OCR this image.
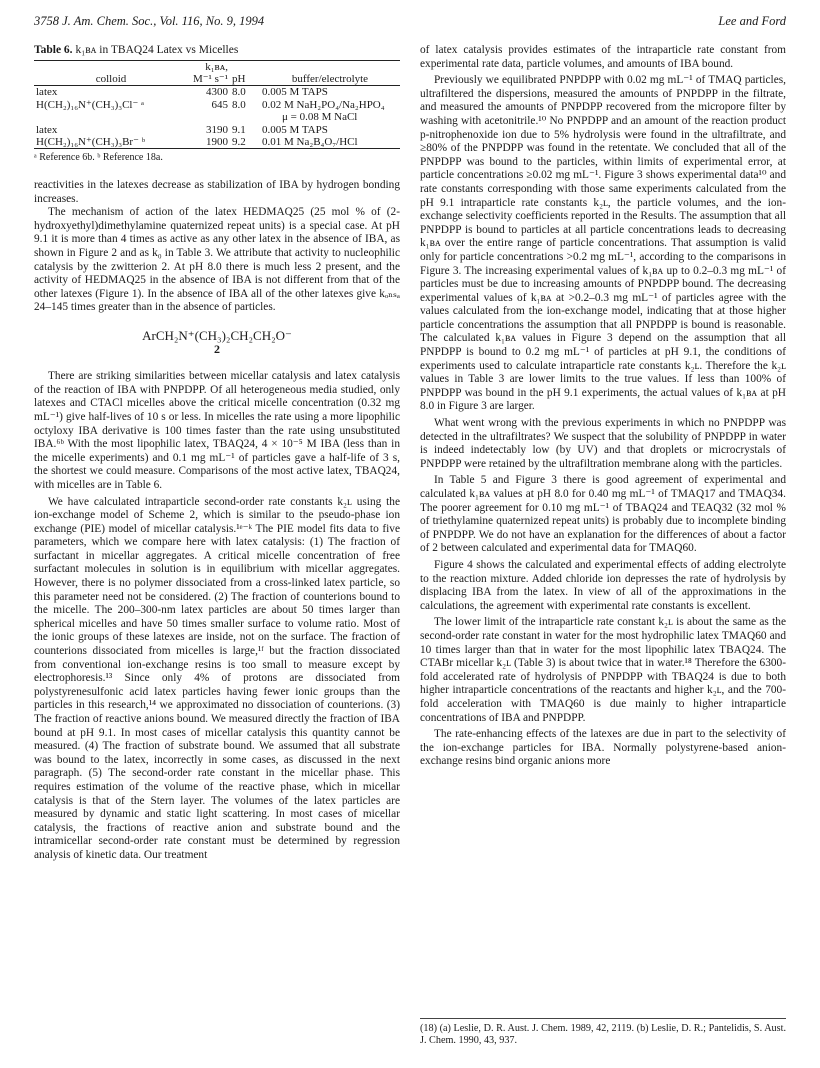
3758 J. Am. Chem. Soc., Vol. 116, No. 9, 1994	Lee and Ford

Table 6. k₁ʙᴀ in TBAQ24 Latex vs Micelles

	k₁ʙᴀ,		
colloid	M⁻¹ s⁻¹	pH	buffer/electrolyte
latex	4300	8.0	0.005 M TAPS
H(CH₂)₁₆N⁺(CH₃)₃Cl⁻ ᵃ	645	8.0	0.02 M NaH₂PO₄/Na₂HPO₄
			μ = 0.08 M NaCl
latex	3190	9.1	0.005 M TAPS
H(CH₂)₁₆N⁺(CH₃)₃Br⁻ ᵇ	1900	9.2	0.01 M Na₂B₄O₇/HCl

ᵃ Reference 6b. ᵇ Reference 18a.

reactivities in the latexes decrease as stabilization of IBA by hydrogen bonding increases.

The mechanism of action of the latex HEDMAQ25 (25 mol % of (2-hydroxyethyl)dimethylamine quaternized repeat units) is a special case. At pH 9.1 it is more than 4 times as active as any other latex in the absence of IBA, as shown in Figure 2 and as k₀ in Table 3. We attribute that activity to nucleophilic catalysis by the zwitterion 2. At pH 8.0 there is much less 2 present, and the activity of HEDMAQ25 in the absence of IBA is not different from that of the other latexes (Figure 1). In the absence of IBA all of the other latexes give kₒₙₛₐ 24–145 times greater than in the absence of particles.

ArCH₂N⁺(CH₃)₂CH₂CH₂O⁻

2

There are striking similarities between micellar catalysis and latex catalysis of the reaction of IBA with PNPDPP. Of all heterogeneous media studied, only latexes and CTACl micelles above the critical micelle concentration (0.32 mg mL⁻¹) give half-lives of 10 s or less. In micelles the rate using a more lipophilic octyloxy IBA derivative is 100 times faster than the rate using unsubstituted IBA.⁶ᵇ With the most lipophilic latex, TBAQ24, 4 × 10⁻⁵ M IBA (less than in the micelle experiments) and 0.1 mg mL⁻¹ of particles gave a half-life of 3 s, the shortest we could measure. Comparisons of the most active latex, TBAQ24, with micelles are in Table 6.

We have calculated intraparticle second-order rate constants k₂ʟ using the ion-exchange model of Scheme 2, which is similar to the pseudo-phase ion exchange (PIE) model of micellar catalysis.¹ᵉ⁻ᵏ The PIE model fits data to five parameters, which we compare here with latex catalysis: (1) The fraction of surfactant in micellar aggregates. A critical micelle concentration of free surfactant molecules in solution is in equilibrium with micellar aggregates. However, there is no polymer dissociated from a cross-linked latex particle, so this parameter need not be considered. (2) The fraction of counterions bound to the micelle. The 200–300-nm latex particles are about 50 times larger than spherical micelles and have 50 times smaller surface to volume ratio. Most of the ionic groups of these latexes are inside, not on the surface. The fraction of counterions dissociated from micelles is large,¹ᶠ but the fraction dissociated from conventional ion-exchange resins is too small to measure except by electrophoresis.¹³ Since only 4% of protons are dissociated from polystyrenesulfonic acid latex particles having fewer ionic groups than the particles in this research,¹⁴ we approximated no dissociation of counterions. (3) The fraction of reactive anions bound. We measured directly the fraction of IBA bound at pH 9.1. In most cases of micellar catalysis this quantity cannot be measured. (4) The fraction of substrate bound. We assumed that all substrate was bound to the latex, incorrectly in some cases, as discussed in the next paragraph. (5) The second-order rate constant in the micellar phase. This requires estimation of the volume of the reactive phase, which in micellar catalysis is that of the Stern layer. The volumes of the latex particles are measured by dynamic and static light scattering. In most cases of micellar catalysis, the fractions of reactive anion and substrate bound and the intramicellar second-order rate constant must be determined by regression analysis of kinetic data. Our treatment

of latex catalysis provides estimates of the intraparticle rate constant from experimental rate data, particle volumes, and amounts of IBA bound.

Previously we equilibrated PNPDPP with 0.02 mg mL⁻¹ of TMAQ particles, ultrafiltered the dispersions, measured the amounts of PNPDPP in the filtrate, and measured the amounts of PNPDPP recovered from the micropore filter by washing with acetonitrile.¹⁰ No PNPDPP and an amount of the reaction product p-nitrophenoxide ion due to 5% hydrolysis were found in the ultrafiltrate, and ≥80% of the PNPDPP was found in the retentate. We concluded that all of the PNPDPP was bound to the particles, within limits of experimental error, at particle concentrations ≥0.02 mg mL⁻¹. Figure 3 shows experimental data¹⁰ and rate constants corresponding with those same experiments calculated from the pH 9.1 intraparticle rate constants k₂ʟ, the particle volumes, and the ion-exchange selectivity coefficients reported in the Results. The assumption that all PNPDPP is bound to particles at all particle concentrations leads to decreasing k₁ʙᴀ over the entire range of particle concentrations. That assumption is valid only for particle concentrations >0.2 mg mL⁻¹, according to the comparisons in Figure 3. The increasing experimental values of k₁ʙᴀ up to 0.2–0.3 mg mL⁻¹ of particles must be due to increasing amounts of PNPDPP bound. The decreasing experimental values of k₁ʙᴀ at >0.2–0.3 mg mL⁻¹ of particles agree with the values calculated from the ion-exchange model, indicating that at those higher particle concentrations the assumption that all PNPDPP is bound is reasonable. The calculated k₁ʙᴀ values in Figure 3 depend on the assumption that all PNPDPP is bound to 0.2 mg mL⁻¹ of particles at pH 9.1, the conditions of experiments used to calculate intraparticle rate constants k₂ʟ. Therefore the k₂ʟ values in Table 3 are lower limits to the true values. If less than 100% of PNPDPP was bound in the pH 9.1 experiments, the actual values of k₁ʙᴀ at pH 8.0 in Figure 3 are larger.

What went wrong with the previous experiments in which no PNPDPP was detected in the ultrafiltrates? We suspect that the solubility of PNPDPP in water is indeed indetectably low (by UV) and that droplets or microcrystals of PNPDPP were retained by the ultrafiltration membrane along with the particles.

In Table 5 and Figure 3 there is good agreement of experimental and calculated k₁ʙᴀ values at pH 8.0 for 0.40 mg mL⁻¹ of TMAQ17 and TMAQ34. The poorer agreement for 0.10 mg mL⁻¹ of TBAQ24 and TEAQ32 (32 mol % of triethylamine quaternized repeat units) is probably due to incomplete binding of PNPDPP. We do not have an explanation for the differences of about a factor of 2 between calculated and experimental data for TMAQ60.

Figure 4 shows the calculated and experimental effects of adding electrolyte to the reaction mixture. Added chloride ion depresses the rate of hydrolysis by displacing IBA from the latex. In view of all of the approximations in the calculations, the agreement with experimental rate constants is excellent.

The lower limit of the intraparticle rate constant k₂ʟ is about the same as the second-order rate constant in water for the most hydrophilic latex TMAQ60 and 10 times larger than that in water for the most lipophilic latex TBAQ24. The CTABr micellar k₂ʟ (Table 3) is about twice that in water.¹⁸ Therefore the 6300-fold accelerated rate of hydrolysis of PNPDPP with TBAQ24 is due to both higher intraparticle concentrations of the reactants and higher k₂ʟ, and the 700-fold acceleration with TMAQ60 is due mainly to higher intraparticle concentrations of IBA and PNPDPP.

The rate-enhancing effects of the latexes are due in part to the selectivity of the ion-exchange particles for IBA. Normally polystyrene-based anion-exchange resins bind organic anions more

(18) (a) Leslie, D. R. Aust. J. Chem. 1989, 42, 2119. (b) Leslie, D. R.; Pantelidis, S. Aust. J. Chem. 1990, 43, 937.
